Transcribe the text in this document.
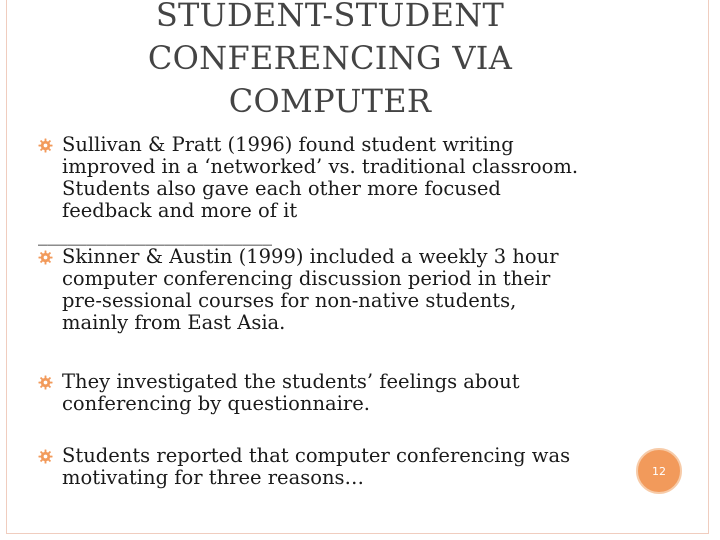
STUDENT-STUDENT
CONFERENCING VIA
COMPUTER
Sullivan & Pratt (1996) found student writing
improved in a ‘networked’ vs. traditional classroom.
Students also gave each other more focused
feedback and more of it
________________________
Skinner & Austin (1999) included a weekly 3 hour
computer conferencing discussion period in their
pre-sessional courses for non-native students,
mainly from East Asia.
They investigated the students’ feelings about
conferencing by questionnaire.
Students reported that computer conferencing was
motivating for three reasons…	12
